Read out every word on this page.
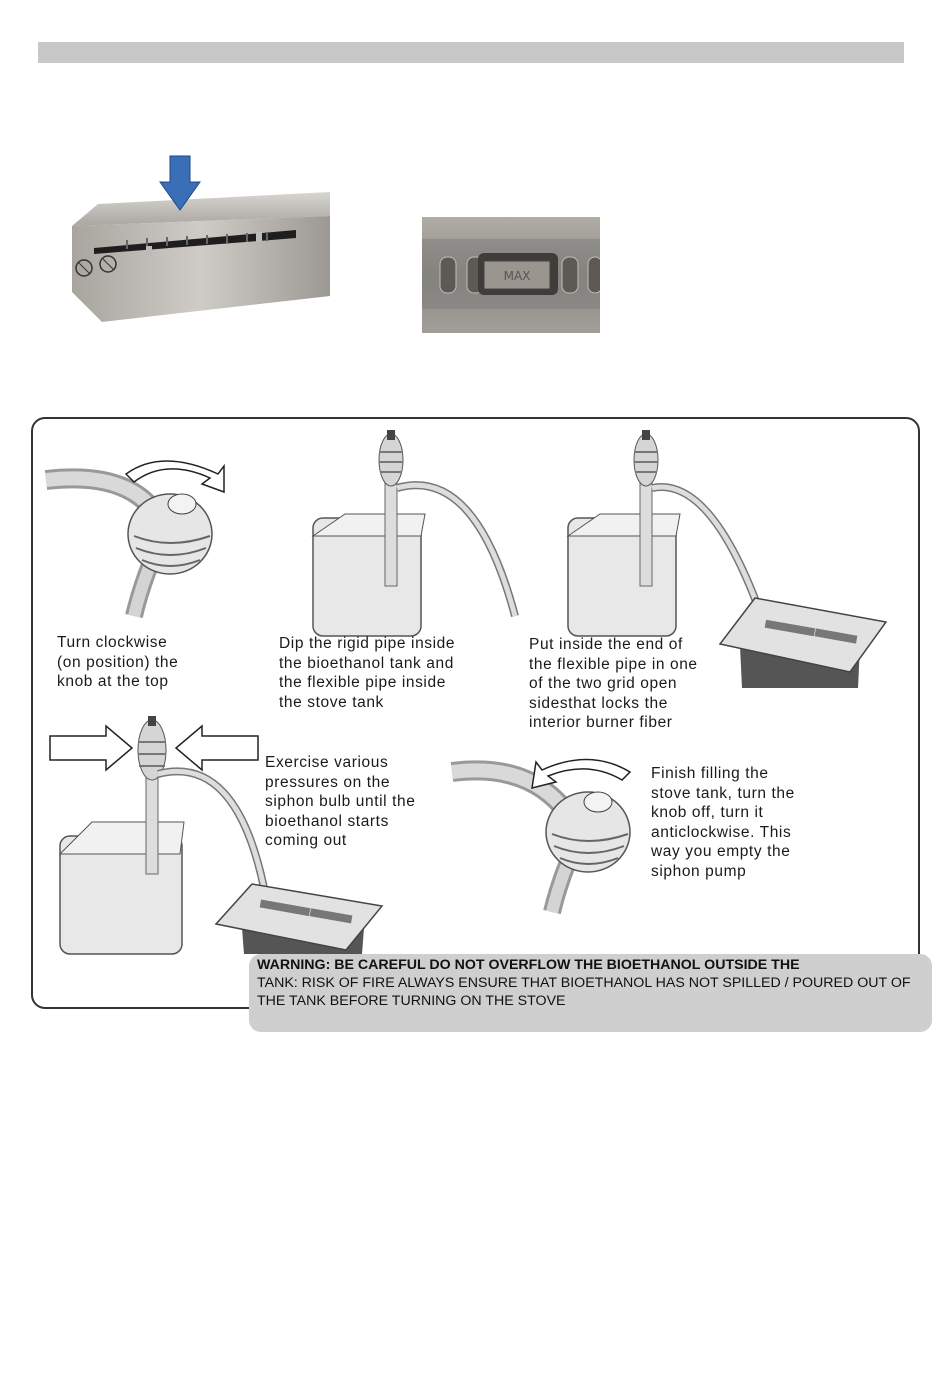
MAX
Turn clockwise
(on position) the
knob at the top
Dip the rigid pipe inside
the bioethanol tank and
the flexible pipe inside
the stove tank
Put inside the end of
the flexible pipe in one
of the two grid open
sidesthat locks the
interior burner fiber
Exercise various
pressures on the
siphon bulb until the
bioethanol starts
coming out
Finish filling the
stove tank, turn the
knob off, turn it
anticlockwise. This
way you empty the
siphon pump
WARNING: BE CAREFUL DO NOT OVERFLOW THE BIOETHANOL OUTSIDE THE
TANK: RISK OF FIRE ALWAYS ENSURE THAT BIOETHANOL HAS NOT SPILLED / POURED OUT OF THE TANK BEFORE TURNING ON THE STOVE
